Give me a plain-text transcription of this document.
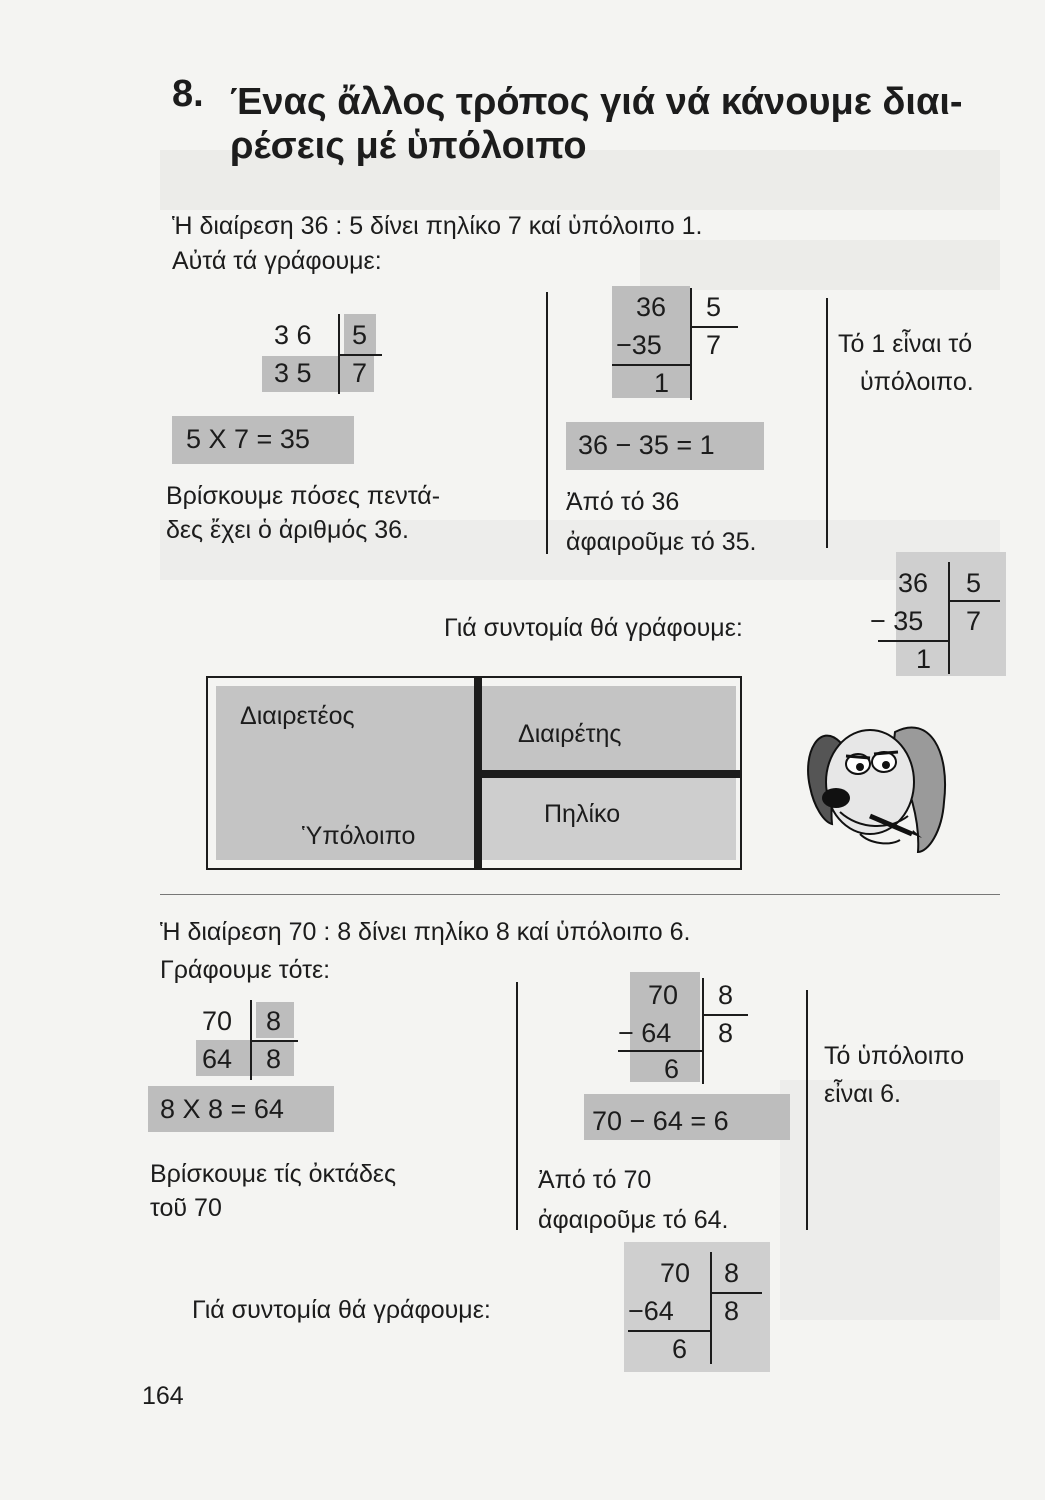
8. Ένας ἄλλος τρόπος γιά νά κάνουμε διαι-
ρέσεις μέ ὑπόλοιπο
Ἡ διαίρεση 36 : 5 δίνει πηλίκο 7 καί ὑπόλοιπο 1.
Αὐτά τά γράφουμε:
3 6 5
3 5 7
5 X 7 = 35
Βρίσκουμε πόσες πεντά-
δες ἔχει ὁ ἀριθμός 36.
36 5
−35 7
1
36 − 35 = 1
Ἀπό τό 36
ἀφαιροῦμε τό 35.
Τό 1 εἶναι τό
ὑπόλοιπο.
Γιά συντομία θά γράφουμε:
36 5
− 35 7
1
Διαιρετέος
Διαιρέτης
Πηλίκο
Ὑπόλοιπο
Ἡ διαίρεση 70 : 8 δίνει πηλίκο 8 καί ὑπόλοιπο 6.
Γράφουμε τότε:
70 8
64 8
8 X 8 = 64
Βρίσκουμε τίς ὀκτάδες
τοῦ 70
70 8
− 64 8
6
70 − 64 = 6
Ἀπό τό 70
ἀφαιροῦμε τό 64.
Τό ὑπόλοιπο
εἶναι 6.
Γιά συντομία θά γράφουμε:
70 8
−64 8
6
164
